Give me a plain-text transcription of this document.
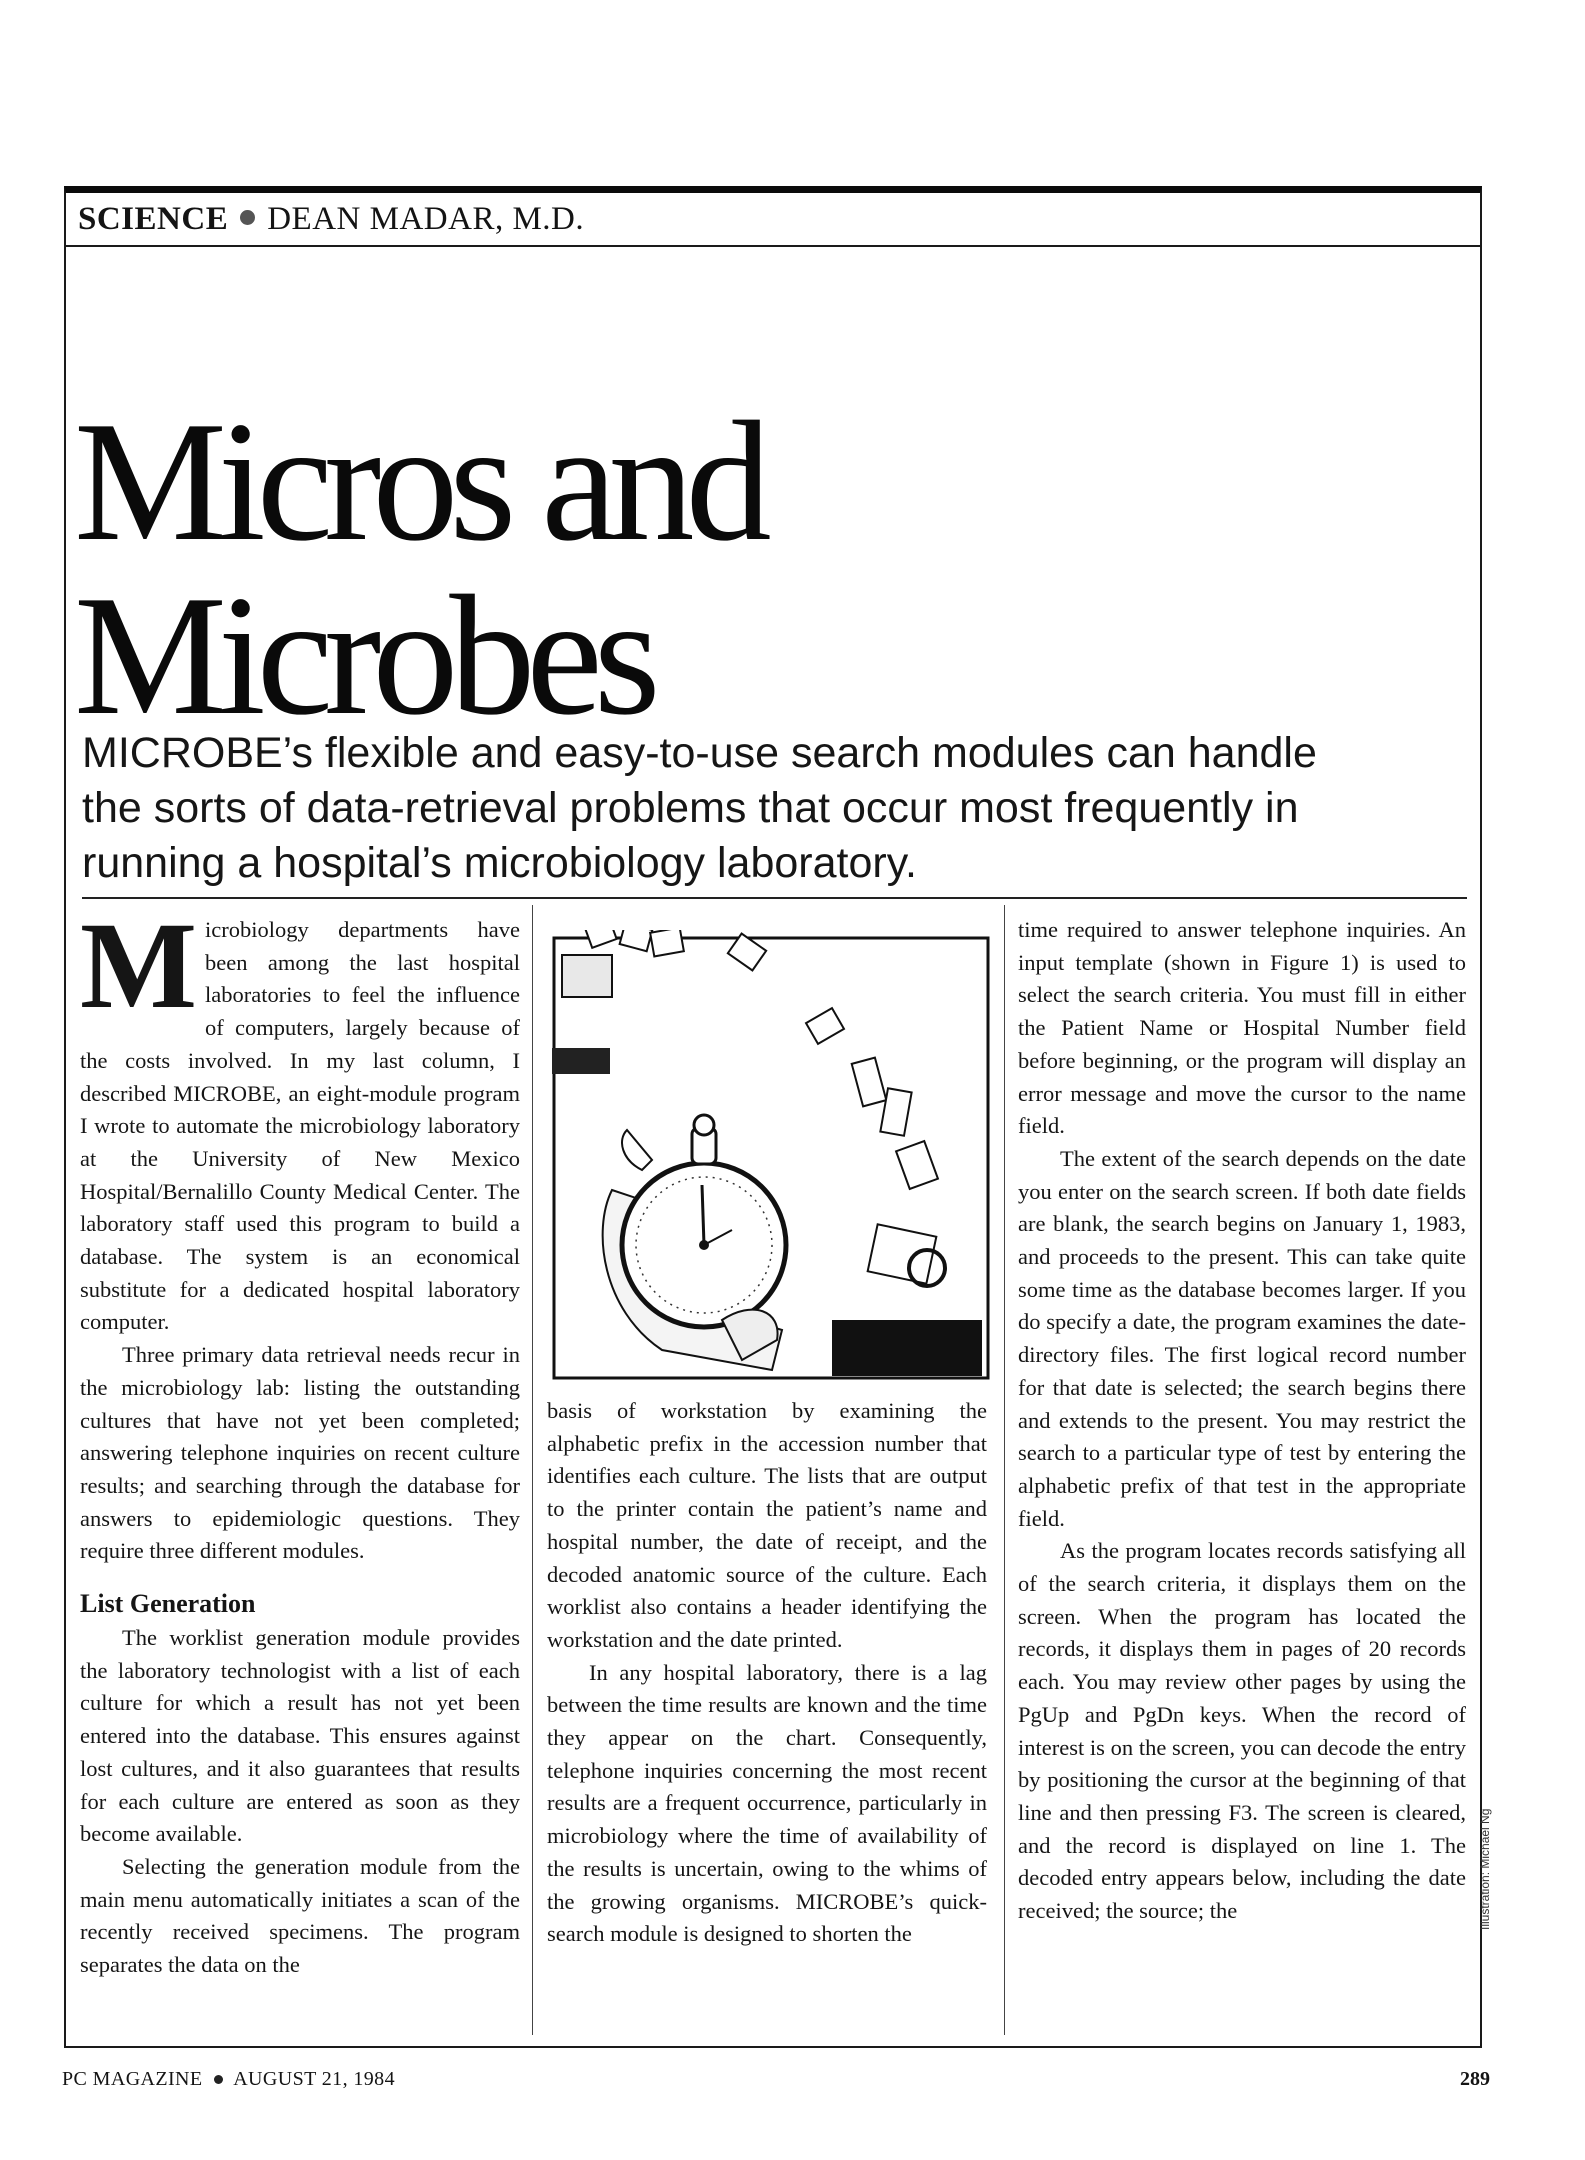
SCIENCE DEAN MADAR, M.D.
Micros and
Microbes

MICROBE’s flexible and easy-to-use search modules can handle the sorts of data-retrieval problems that occur most frequently in running a hospital’s microbiology laboratory.

Microbiology departments have been among the last hospital laboratories to feel the influence of computers, largely because of the costs involved. In my last column, I described MICROBE, an eight-module program I wrote to automate the microbiology laboratory at the University of New Mexico Hospital/Bernalillo County Medical Center. The laboratory staff used this program to build a database. The system is an economical substitute for a dedicated hospital laboratory computer.

Three primary data retrieval needs recur in the microbiology lab: listing the outstanding cultures that have not yet been completed; answering telephone inquiries on recent culture results; and searching through the database for answers to epidemiologic questions. They require three different modules.

List Generation

The worklist generation module provides the laboratory technologist with a list of each culture for which a result has not yet been entered into the database. This ensures against lost cultures, and it also guarantees that results for each culture are entered as soon as they become available.

Selecting the generation module from the main menu automatically initiates a scan of the recently received specimens. The program separates the data on the

basis of workstation by examining the alphabetic prefix in the accession number that identifies each culture. The lists that are output to the printer contain the patient’s name and hospital number, the date of receipt, and the decoded anatomic source of the culture. Each worklist also contains a header identifying the workstation and the date printed.

In any hospital laboratory, there is a lag between the time results are known and the time they appear on the chart. Consequently, telephone inquiries concerning the most recent results are a frequent occurrence, particularly in microbiology where the time of availability of the results is uncertain, owing to the whims of the growing organisms. MICROBE’s quick-search module is designed to shorten the

time required to answer telephone inquiries. An input template (shown in Figure 1) is used to select the search criteria. You must fill in either the Patient Name or Hospital Number field before beginning, or the program will display an error message and move the cursor to the name field.

The extent of the search depends on the date you enter on the search screen. If both date fields are blank, the search begins on January 1, 1983, and proceeds to the present. This can take quite some time as the database becomes larger. If you do specify a date, the program examines the date-directory files. The first logical record number for that date is selected; the search begins there and extends to the present. You may restrict the search to a particular type of test by entering the alphabetic prefix of that test in the appropriate field.

As the program locates records satisfying all of the search criteria, it displays them on the screen. When the program has located the records, it displays them in pages of 20 records each. You may review other pages by using the PgUp and PgDn keys. When the record of interest is on the screen, you can decode the entry by positioning the cursor at the beginning of that line and then pressing F3. The screen is cleared, and the record is displayed on line 1. The decoded entry appears below, including the date received; the source; the	Illustration: Michael Ng
PC MAGAZINE AUGUST 21, 1984	289
